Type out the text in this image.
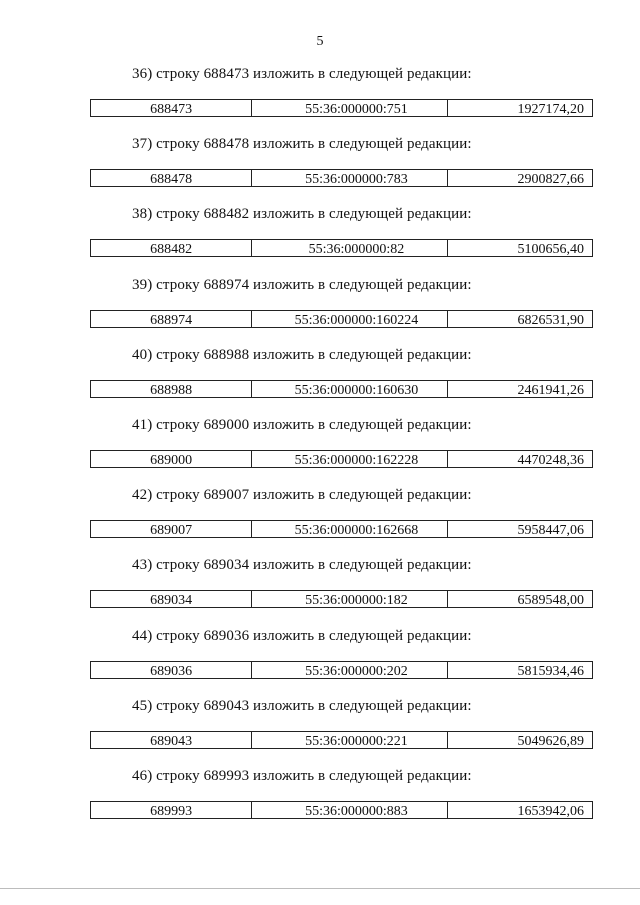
5
36) строку 688473 изложить в следующей редакции:
688473	55:36:000000:751	1927174,20
37) строку 688478 изложить в следующей редакции:
688478	55:36:000000:783	2900827,66
38) строку 688482 изложить в следующей редакции:
688482	55:36:000000:82	5100656,40
39) строку 688974 изложить в следующей редакции:
688974	55:36:000000:160224	6826531,90
40) строку 688988 изложить в следующей редакции:
688988	55:36:000000:160630	2461941,26
41) строку 689000 изложить в следующей редакции:
689000	55:36:000000:162228	4470248,36
42) строку 689007 изложить в следующей редакции:
689007	55:36:000000:162668	5958447,06
43) строку 689034 изложить в следующей редакции:
689034	55:36:000000:182	6589548,00
44) строку 689036 изложить в следующей редакции:
689036	55:36:000000:202	5815934,46
45) строку 689043 изложить в следующей редакции:
689043	55:36:000000:221	5049626,89
46) строку 689993 изложить в следующей редакции:
689993	55:36:000000:883	1653942,06
